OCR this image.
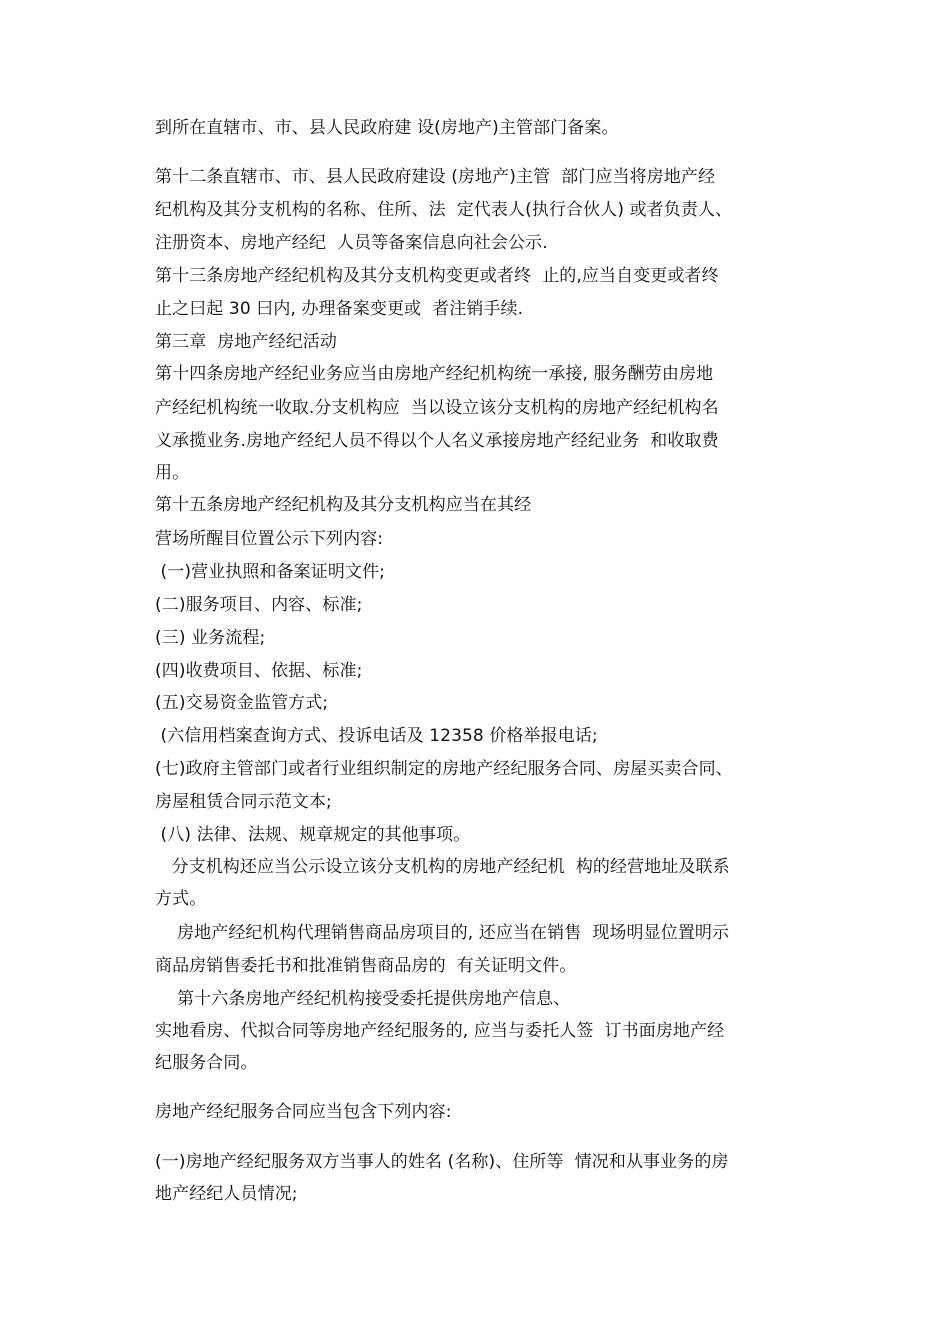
到所在直辖市、市、县人民政府建 设(房地产)主管部门备案。

第十二条直辖市、市、县人民政府建设 (房地产)主管  部门应当将房地产经

纪机构及其分支机构的名称、住所、法  定代表人(执行合伙人) 或者负责人、

注册资本、房地产经纪  人员等备案信息向社会公示.

第十三条房地产经纪机构及其分支机构变更或者终  止的,应当自变更或者终

止之曰起 30 曰内, 办理备案变更或  者注销手续.

第三章  房地产经纪活动

第十四条房地产经纪业务应当由房地产经纪机构统一承接, 服务酬劳由房地

产经纪机构统一收取.分支机构应  当以设立该分支机构的房地产经纪机构名

义承揽业务.房地产经纪人员不得以个人名义承接房地产经纪业务  和收取费

用。

第十五条房地产经纪机构及其分支机构应当在其经

营场所醒目位置公示下列内容:

(一)营业执照和备案证明文件;

(二)服务项目、内容、标准;

(三) 业务流程;

(四)收费项目、依据、标准;

(五)交易资金监管方式;

(六信用档案查询方式、投诉电话及 12358 价格举报电话;

(七)政府主管部门或者行业组织制定的房地产经纪服务合同、房屋买卖合同、

房屋租赁合同示范文本;

(八) 法律、法规、规章规定的其他事项。

分支机构还应当公示设立该分支机构的房地产经纪机  构的经营地址及联系

方式。

房地产经纪机构代理销售商品房项目的, 还应当在销售  现场明显位置明示

商品房销售委托书和批准销售商品房的  有关证明文件。

第十六条房地产经纪机构接受委托提供房地产信息、

实地看房、代拟合同等房地产经纪服务的, 应当与委托人签  订书面房地产经

纪服务合同。

房地产经纪服务合同应当包含下列内容:

(一)房地产经纪服务双方当事人的姓名 (名称)、住所等  情况和从事业务的房

地产经纪人员情况;
